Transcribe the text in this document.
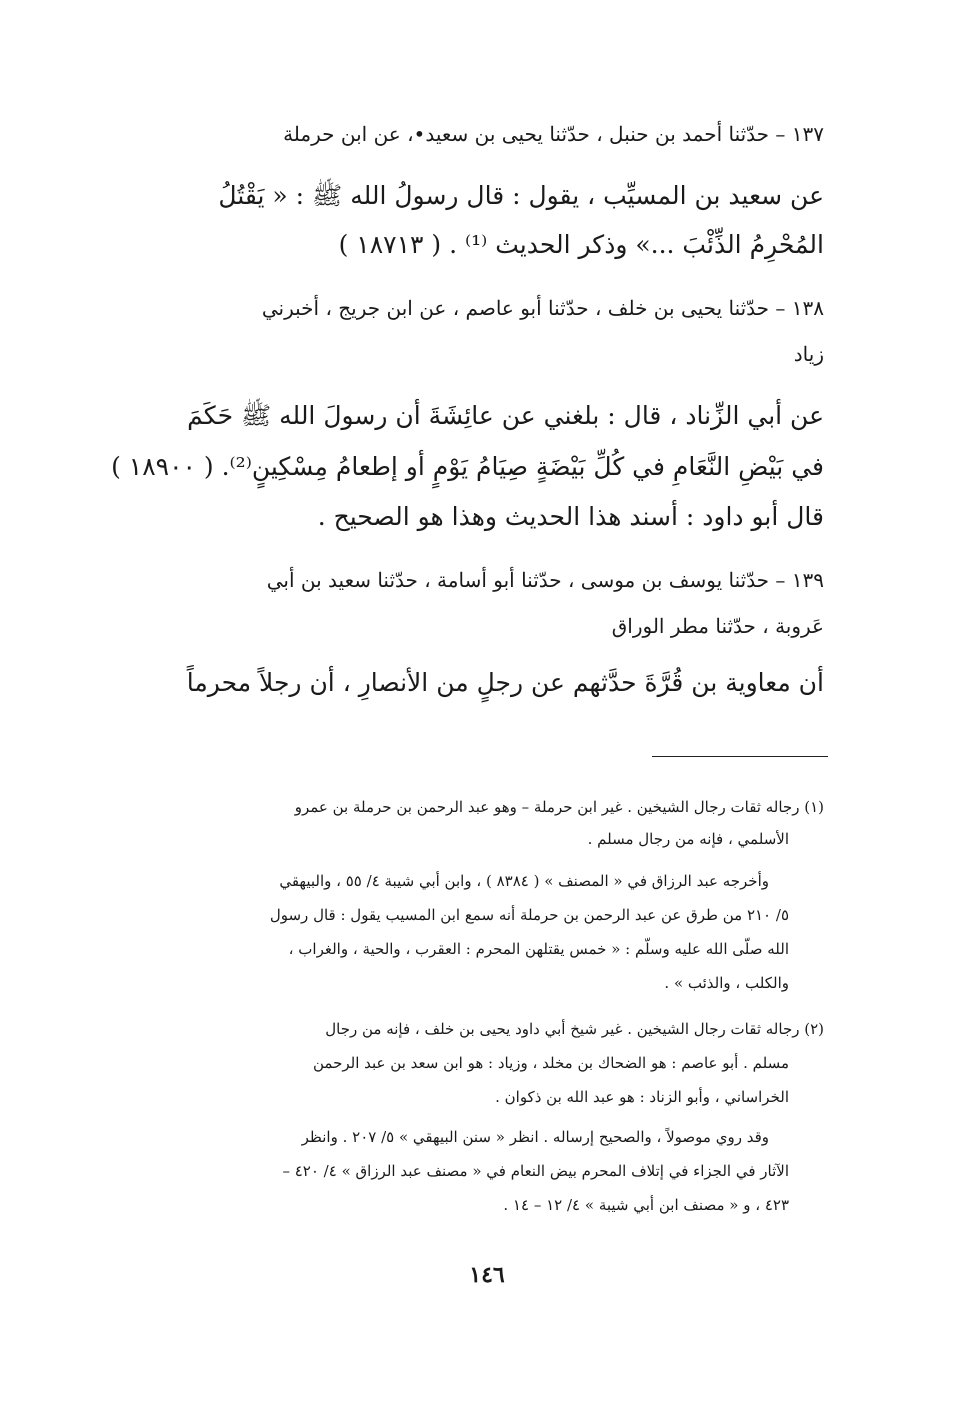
١٣٧ – حدّثنا أحمد بن حنبل ، حدّثنا يحيى بن سعيد•، عن ابن حرملة
عن سعيد بن المسيِّب ، يقول : قال رسولُ الله ﷺ : « يَقْتُلُ
المُحْرِمُ الذِّئْبَ ...» وذكر الحديث ⁽¹⁾ . ( ١٨٧١٣ )
١٣٨ – حدّثنا يحيى بن خلف ، حدّثنا أبو عاصم ، عن ابن جريج ، أخبرني
زياد
عن أبي الزِّناد ، قال : بلغني عن عائِشَةَ أن رسولَ الله ﷺ حَكَمَ
في بَيْضِ النَّعَامِ في كُلِّ بَيْضَةٍ صِيَامُ يَوْمٍ أو إطعامُ مِسْكِينٍ⁽²⁾. ( ١٨٩٠٠ )
قال أبو داود : أسند هذا الحديث وهذا هو الصحيح .
١٣٩ – حدّثنا يوسف بن موسى ، حدّثنا أبو أسامة ، حدّثنا سعيد بن أبي
عَروبة ، حدّثنا مطر الوراق
أن معاوية بن قُرَّةَ حدَّثهم عن رجلٍ من الأنصارِ ، أن رجلاً محرماً
(١) رجاله ثقات رجال الشيخين . غير ابن حرملة – وهو عبد الرحمن بن حرملة بن عمرو
الأسلمي ، فإنه من رجال مسلم .
وأخرجه عبد الرزاق في « المصنف » ( ٨٣٨٤ ) ، وابن أبي شيبة ٤/ ٥٥ ، والبيهقي
٥/ ٢١٠ من طرق عن عبد الرحمن بن حرملة أنه سمع ابن المسيب يقول : قال رسول
الله صلّى الله عليه وسلّم : « خمس يقتلهن المحرم : العقرب ، والحية ، والغراب ،
والكلب ، والذئب » .
(٢) رجاله ثقات رجال الشيخين . غير شيخ أبي داود يحيى بن خلف ، فإنه من رجال
مسلم . أبو عاصم : هو الضحاك بن مخلد ، وزياد : هو ابن سعد بن عبد الرحمن
الخراساني ، وأبو الزناد : هو عبد الله بن ذكوان .
وقد روي موصولاً ، والصحيح إرساله . انظر « سنن البيهقي » ٥/ ٢٠٧ . وانظر
الآثار في الجزاء في إتلاف المحرم بيض النعام في « مصنف عبد الرزاق » ٤/ ٤٢٠ –
٤٢٣ ، و « مصنف ابن أبي شيبة » ٤/ ١٢ – ١٤ .
١٤٦
